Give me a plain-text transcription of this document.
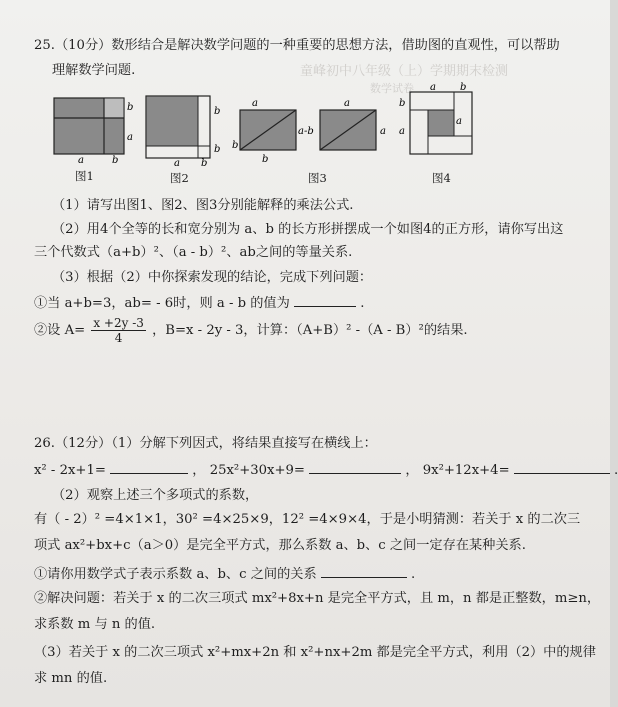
童峰初中八年级（上）学期期末检测
数学试卷
25.（10分）数形结合是解决数学问题的一种重要的思想方法，借助图的直观性，可以帮助
理解数学问题.
b
a
a	b
图1
b
b
a b
图2
a
b
a-b
a
a
b
图3
a b
a
b
a
图4
（1）请写出图1、图2、图3分别能解释的乘法公式.
（2）用4个全等的长和宽分别为 a、b 的长方形拼摆成一个如图4的正方形，请你写出这
三个代数式（a+b）²、（a - b）²、ab之间的等量关系.
（3）根据（2）中你探索发现的结论，完成下列问题：
①当 a+b=3，ab= - 6时，则 a - b 的值为	.
②设 $A= \frac{x +2y -3}{4}$ ，B=x - 2y - 3，计算：（A+B）² -（A - B）²的结果.
26.（12分）（1）分解下列因式，将结果直接写在横线上：
x² - 2x+1=	， 25x²+30x+9=	， 9x²+12x+4=	.
（2）观察上述三个多项式的系数，
有（ - 2）² =4×1×1，30² =4×25×9，12² =4×9×4，于是小明猜测：若关于 x 的二次三
项式 ax²+bx+c（a＞0）是完全平方式，那么系数 a、b、c 之间一定存在某种关系.
①请你用数学式子表示系数 a、b、c 之间的关系	.
②解决问题：若关于 x 的二次三项式 mx²+8x+n 是完全平方式，且 m，n 都是正整数，m≥n，
求系数 m 与 n 的值.
（3）若关于 x 的二次三项式 x²+mx+2n 和 x²+nx+2m 都是完全平方式，利用（2）中的规律
求 mn 的值.
